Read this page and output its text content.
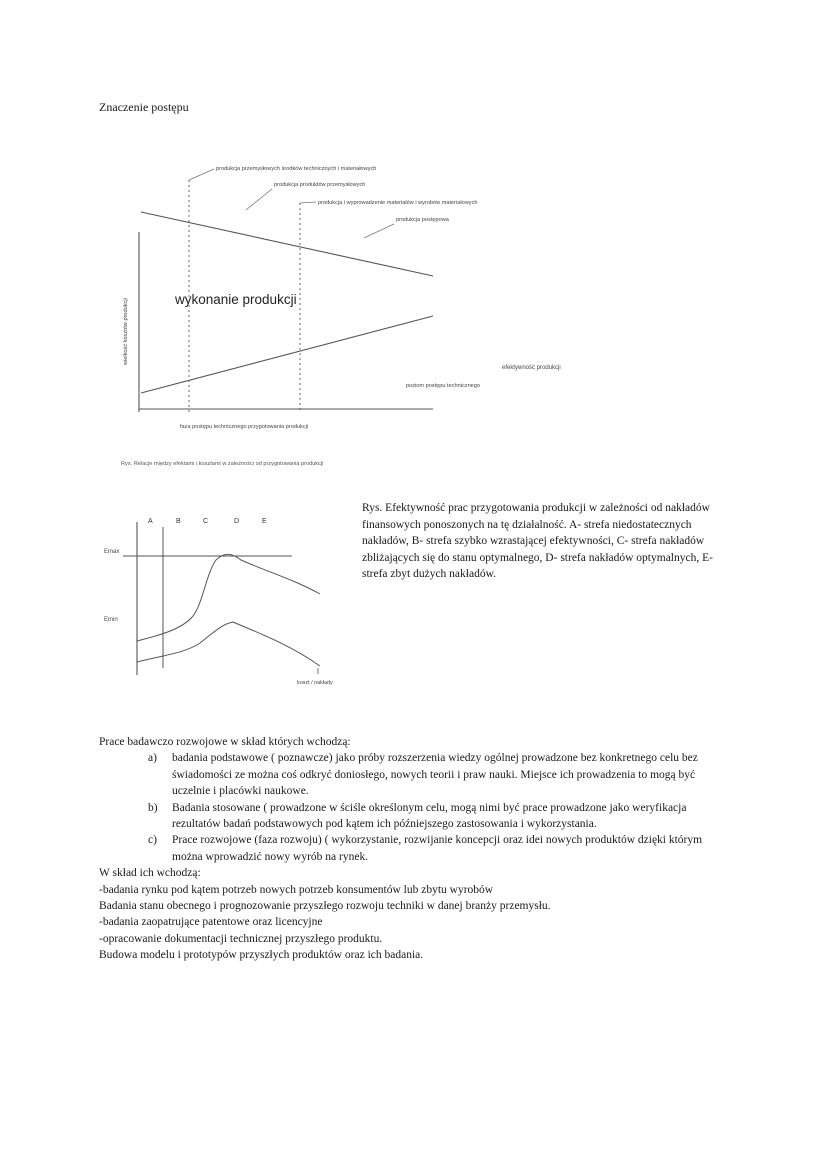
Znaczenie postępu
produkcja przemysłowych środków technicznych i materiałowych
produkcja produktów przemysłowych
produkcja i wyprowadzenie materiałów i wyrobów materiałowych
produkcja postępowa
wielkość kosztów produkcji	wykonanie produkcji
efektywność produkcji
poziom postępu technicznego
faza postępu technicznego przygotowania produkcji
Rys. Relacje między efektami i kosztami w zależności od przygotowania produkcji
A	B	C	D	E
Emax
Emin
koszt / nakłady
Rys. Efektywność prac przygotowania produkcji w zależności od nakładów finansowych ponoszonych na tę działalność. A- strefa niedostatecznych nakładów, B- strefa szybko wzrastającej efektywności, C- strefa nakładów zbliżających się do stanu optymalnego, D- strefa nakładów optymalnych, E- strefa zbyt dużych nakładów.

Prace badawczo rozwojowe w skład których wchodzą:

a)	badania podstawowe ( poznawcze) jako próby rozszerzenia wiedzy ogólnej prowadzone bez konkretnego celu bez świadomości ze można coś odkryć doniosłego, nowych teorii i praw nauki. Miejsce ich prowadzenia to mogą być uczelnie i placówki naukowe.
b)	Badania stosowane ( prowadzone w ściśle określonym celu, mogą nimi być prace prowadzone jako weryfikacja rezultatów badań podstawowych pod kątem ich późniejszego zastosowania i wykorzystania.
c)	Prace rozwojowe (faza rozwoju) ( wykorzystanie, rozwijanie koncepcji oraz idei nowych produktów dzięki którym można wprowadzić nowy wyrób na rynek.

W skład ich wchodzą:

-badania rynku pod kątem potrzeb nowych potrzeb konsumentów lub zbytu wyrobów

Badania stanu obecnego i prognozowanie przyszłego rozwoju techniki w danej branży przemysłu.

-badania zaopatrujące patentowe oraz licencyjne

-opracowanie dokumentacji technicznej przyszłego produktu.

Budowa modelu i prototypów przyszłych produktów oraz ich badania.
